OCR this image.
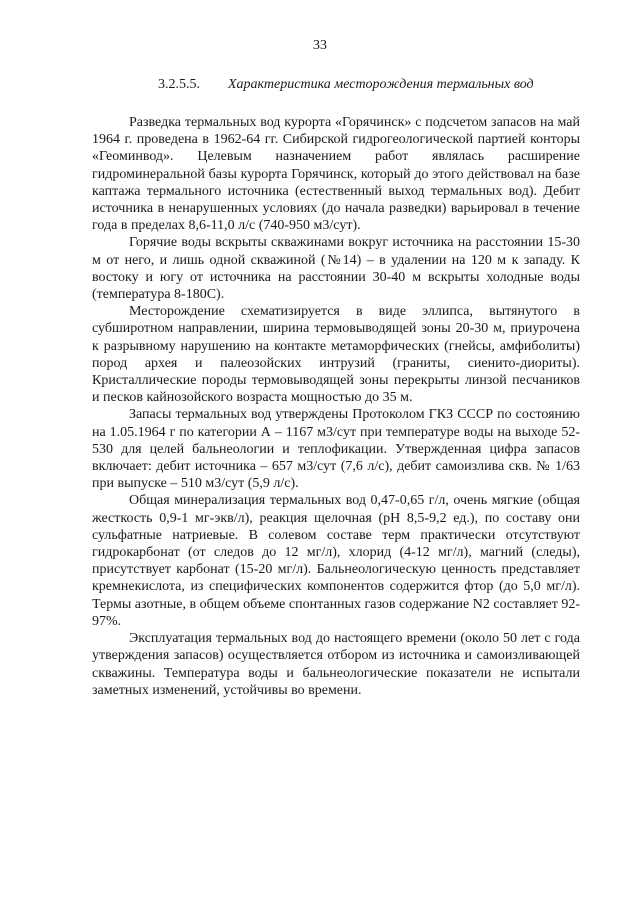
33
3.2.5.5. Характеристика месторождения термальных вод

Разведка термальных вод курорта «Горячинск» с подсчетом запасов на май 1964 г. проведена в 1962-64 гг. Сибирской гидрогеологической партией конторы «Геоминвод». Целевым назначением работ являлась расширение гидроминеральной базы курорта Горячинск, который до этого действовал на базе каптажа термального источника (естественный выход термальных вод). Дебит источника в ненарушенных условиях (до начала разведки) варьировал в течение года в пределах 8,6-11,0 л/с (740-950 м3/сут).

Горячие воды вскрыты скважинами вокруг источника на расстоянии 15-30 м от него, и лишь одной скважиной (№14) – в удалении на 120 м к западу. К востоку и югу от источника на расстоянии 30-40 м вскрыты холодные воды (температура 8-180С).

Месторождение схематизируется в виде эллипса, вытянутого в субширотном направлении, ширина термовыводящей зоны 20-30 м, приурочена к разрывному нарушению на контакте метаморфических (гнейсы, амфиболиты) пород архея и палеозойских интрузий (граниты, сиенито-диориты). Кристаллические породы термовыводящей зоны перекрыты линзой песчаников и песков кайнозойского возраста мощностью до 35 м.

Запасы термальных вод утверждены Протоколом ГКЗ СССР по состоянию на 1.05.1964 г по категории А – 1167 м3/сут при температуре воды на выходе 52-530 для целей бальнеологии и теплофикации. Утвержденная цифра запасов включает: дебит источника – 657 м3/сут (7,6 л/с), дебит самоизлива скв. № 1/63 при выпуске – 510 м3/сут (5,9 л/с).

Общая минерализация термальных вод 0,47-0,65 г/л, очень мягкие (общая жесткость 0,9-1 мг-экв/л), реакция щелочная (рН 8,5-9,2 ед.), по составу они сульфатные натриевые. В солевом составе терм практически отсутствуют гидрокарбонат (от следов до 12 мг/л), хлорид (4-12 мг/л), магний (следы), присутствует карбонат (15-20 мг/л). Бальнеологическую ценность представляет кремнекислота, из специфических компонентов содержится фтор (до 5,0 мг/л). Термы азотные, в общем объеме спонтанных газов содержание N2 составляет 92-97%.

Эксплуатация термальных вод до настоящего времени (около 50 лет с года утверждения запасов) осуществляется отбором из источника и самоизливающей скважины. Температура воды и бальнеологические показатели не испытали заметных изменений, устойчивы во времени.
